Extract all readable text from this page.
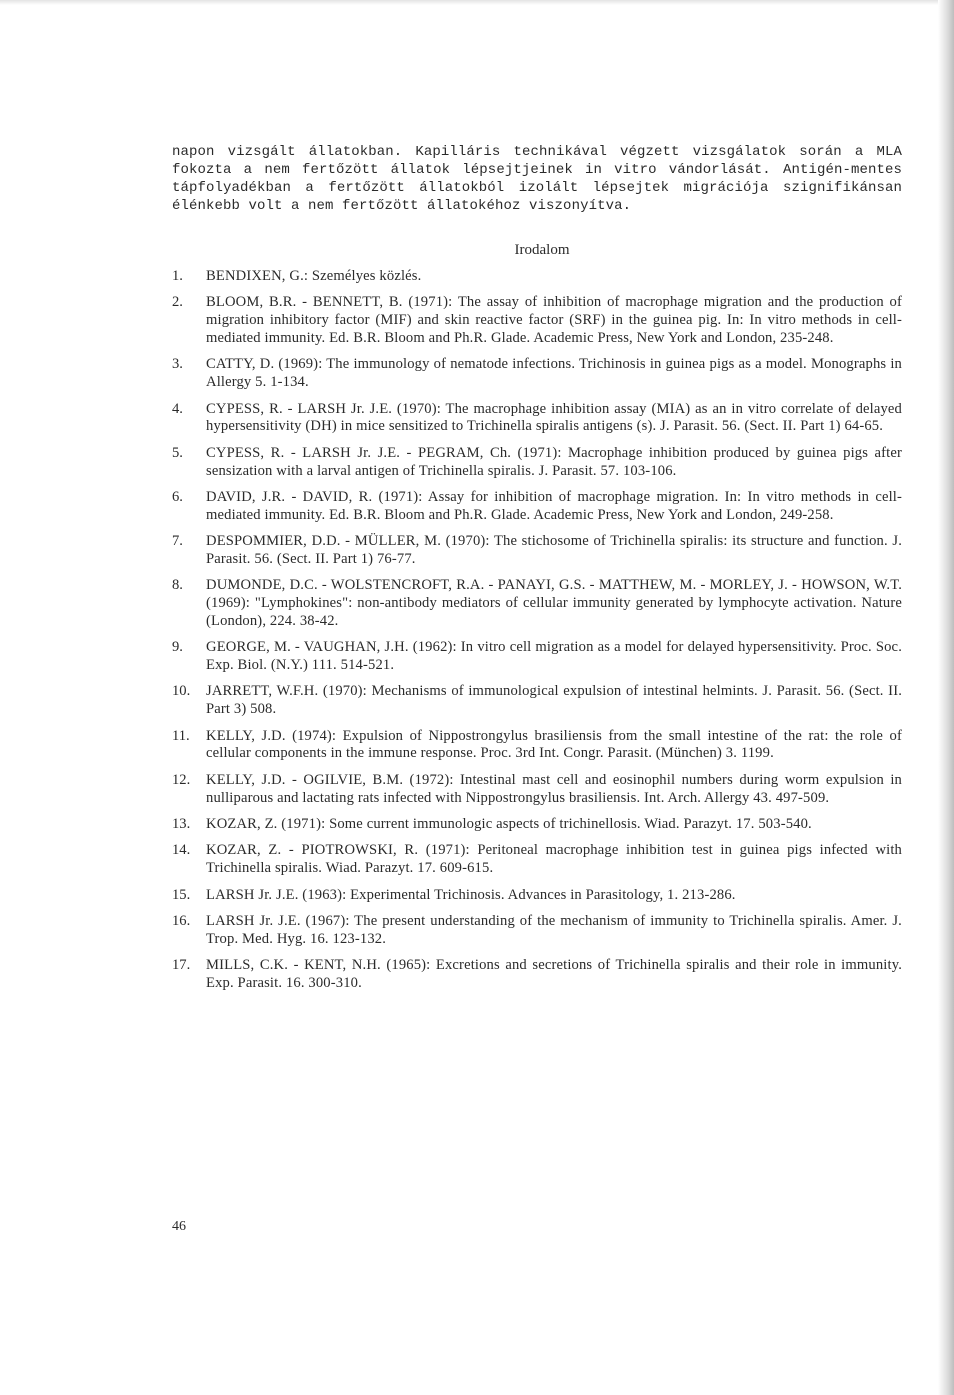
napon vizsgált állatokban. Kapilláris technikával végzett vizsgálatok során a MLA fokozta a nem fertőzött állatok lépsejtjeinek in vitro vándorlását. Antigén-mentes tápfolyadékban a fertőzött állatokból izolált lépsejtek migrációja szignifikánsan élénkebb volt a nem fertőzött állatokéhoz viszonyítva.

Irodalom
1.	BENDIXEN, G.: Személyes közlés.
2.	BLOOM, B.R. - BENNETT, B. (1971): The assay of inhibition of macrophage migration and the production of migration inhibitory factor (MIF) and skin reactive factor (SRF) in the guinea pig. In: In vitro methods in cell-mediated immunity. Ed. B.R. Bloom and Ph.R. Glade. Academic Press, New York and London, 235-248.
3.	CATTY, D. (1969): The immunology of nematode infections. Trichinosis in guinea pigs as a model. Monographs in Allergy 5. 1-134.
4.	CYPESS, R. - LARSH Jr. J.E. (1970): The macrophage inhibition assay (MIA) as an in vitro correlate of delayed hypersensitivity (DH) in mice sensitized to Trichinella spiralis antigens (s). J. Parasit. 56. (Sect. II. Part 1) 64-65.
5.	CYPESS, R. - LARSH Jr. J.E. - PEGRAM, Ch. (1971): Macrophage inhibition produced by guinea pigs after sensization with a larval antigen of Trichinella spiralis. J. Parasit. 57. 103-106.
6.	DAVID, J.R. - DAVID, R. (1971): Assay for inhibition of macrophage migration. In: In vitro methods in cell-mediated immunity. Ed. B.R. Bloom and Ph.R. Glade. Academic Press, New York and London, 249-258.
7.	DESPOMMIER, D.D. - MÜLLER, M. (1970): The stichosome of Trichinella spiralis: its structure and function. J. Parasit. 56. (Sect. II. Part 1) 76-77.
8.	DUMONDE, D.C. - WOLSTENCROFT, R.A. - PANAYI, G.S. - MATTHEW, M. - MORLEY, J. - HOWSON, W.T. (1969): "Lymphokines": non-antibody mediators of cellular immunity generated by lymphocyte activation. Nature (London), 224. 38-42.
9.	GEORGE, M. - VAUGHAN, J.H. (1962): In vitro cell migration as a model for delayed hypersensitivity. Proc. Soc. Exp. Biol. (N.Y.) 111. 514-521.
10.	JARRETT, W.F.H. (1970): Mechanisms of immunological expulsion of intestinal helmints. J. Parasit. 56. (Sect. II. Part 3) 508.
11.	KELLY, J.D. (1974): Expulsion of Nippostrongylus brasiliensis from the small intestine of the rat: the role of cellular components in the immune response. Proc. 3rd Int. Congr. Parasit. (München) 3. 1199.
12.	KELLY, J.D. - OGILVIE, B.M. (1972): Intestinal mast cell and eosinophil numbers during worm expulsion in nulliparous and lactating rats infected with Nippostrongylus brasiliensis. Int. Arch. Allergy 43. 497-509.
13.	KOZAR, Z. (1971): Some current immunologic aspects of trichinellosis. Wiad. Parazyt. 17. 503-540.
14.	KOZAR, Z. - PIOTROWSKI, R. (1971): Peritoneal macrophage inhibition test in guinea pigs infected with Trichinella spiralis. Wiad. Parazyt. 17. 609-615.
15.	LARSH Jr. J.E. (1963): Experimental Trichinosis. Advances in Parasitology, 1. 213-286.
16.	LARSH Jr. J.E. (1967): The present understanding of the mechanism of immunity to Trichinella spiralis. Amer. J. Trop. Med. Hyg. 16. 123-132.
17.	MILLS, C.K. - KENT, N.H. (1965): Excretions and secretions of Trichinella spiralis and their role in immunity. Exp. Parasit. 16. 300-310.
46
